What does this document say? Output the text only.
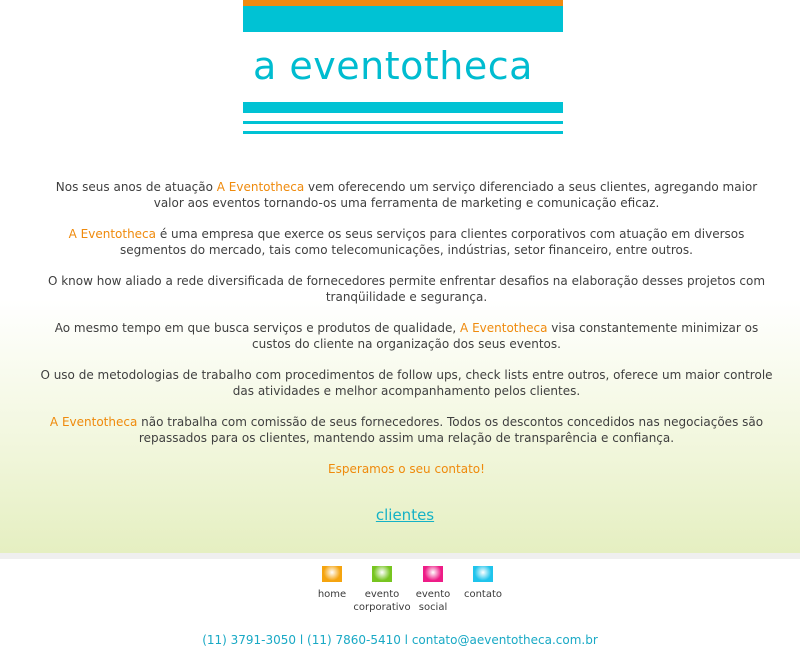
a eventotheca

Nos seus anos de atuação A Eventotheca vem oferecendo um serviço diferenciado a seus clientes, agregando maior valor aos eventos tornando-os uma ferramenta de marketing e comunicação eficaz.

A Eventotheca é uma empresa que exerce os seus serviços para clientes corporativos com atuação em diversos segmentos do mercado, tais como telecomunicações, indústrias, setor financeiro, entre outros.

O know how aliado a rede diversificada de fornecedores permite enfrentar desafios na elaboração desses projetos com tranqüilidade e segurança.

Ao mesmo tempo em que busca serviços e produtos de qualidade, A Eventotheca visa constantemente minimizar os custos do cliente na organização dos seus eventos.

O uso de metodologias de trabalho com procedimentos de follow ups, check lists entre outros, oferece um maior controle das atividades e melhor acompanhamento pelos clientes.

A Eventotheca não trabalha com comissão de seus fornecedores. Todos os descontos concedidos nas negociações são repassados para os clientes, mantendo assim uma relação de transparência e confiança.

Esperamos o seu contato!

clientes
home	evento
corporativo
evento
social
contato
(11) 3791-3050 l (11) 7860-5410 l contato@aeventotheca.com.br
